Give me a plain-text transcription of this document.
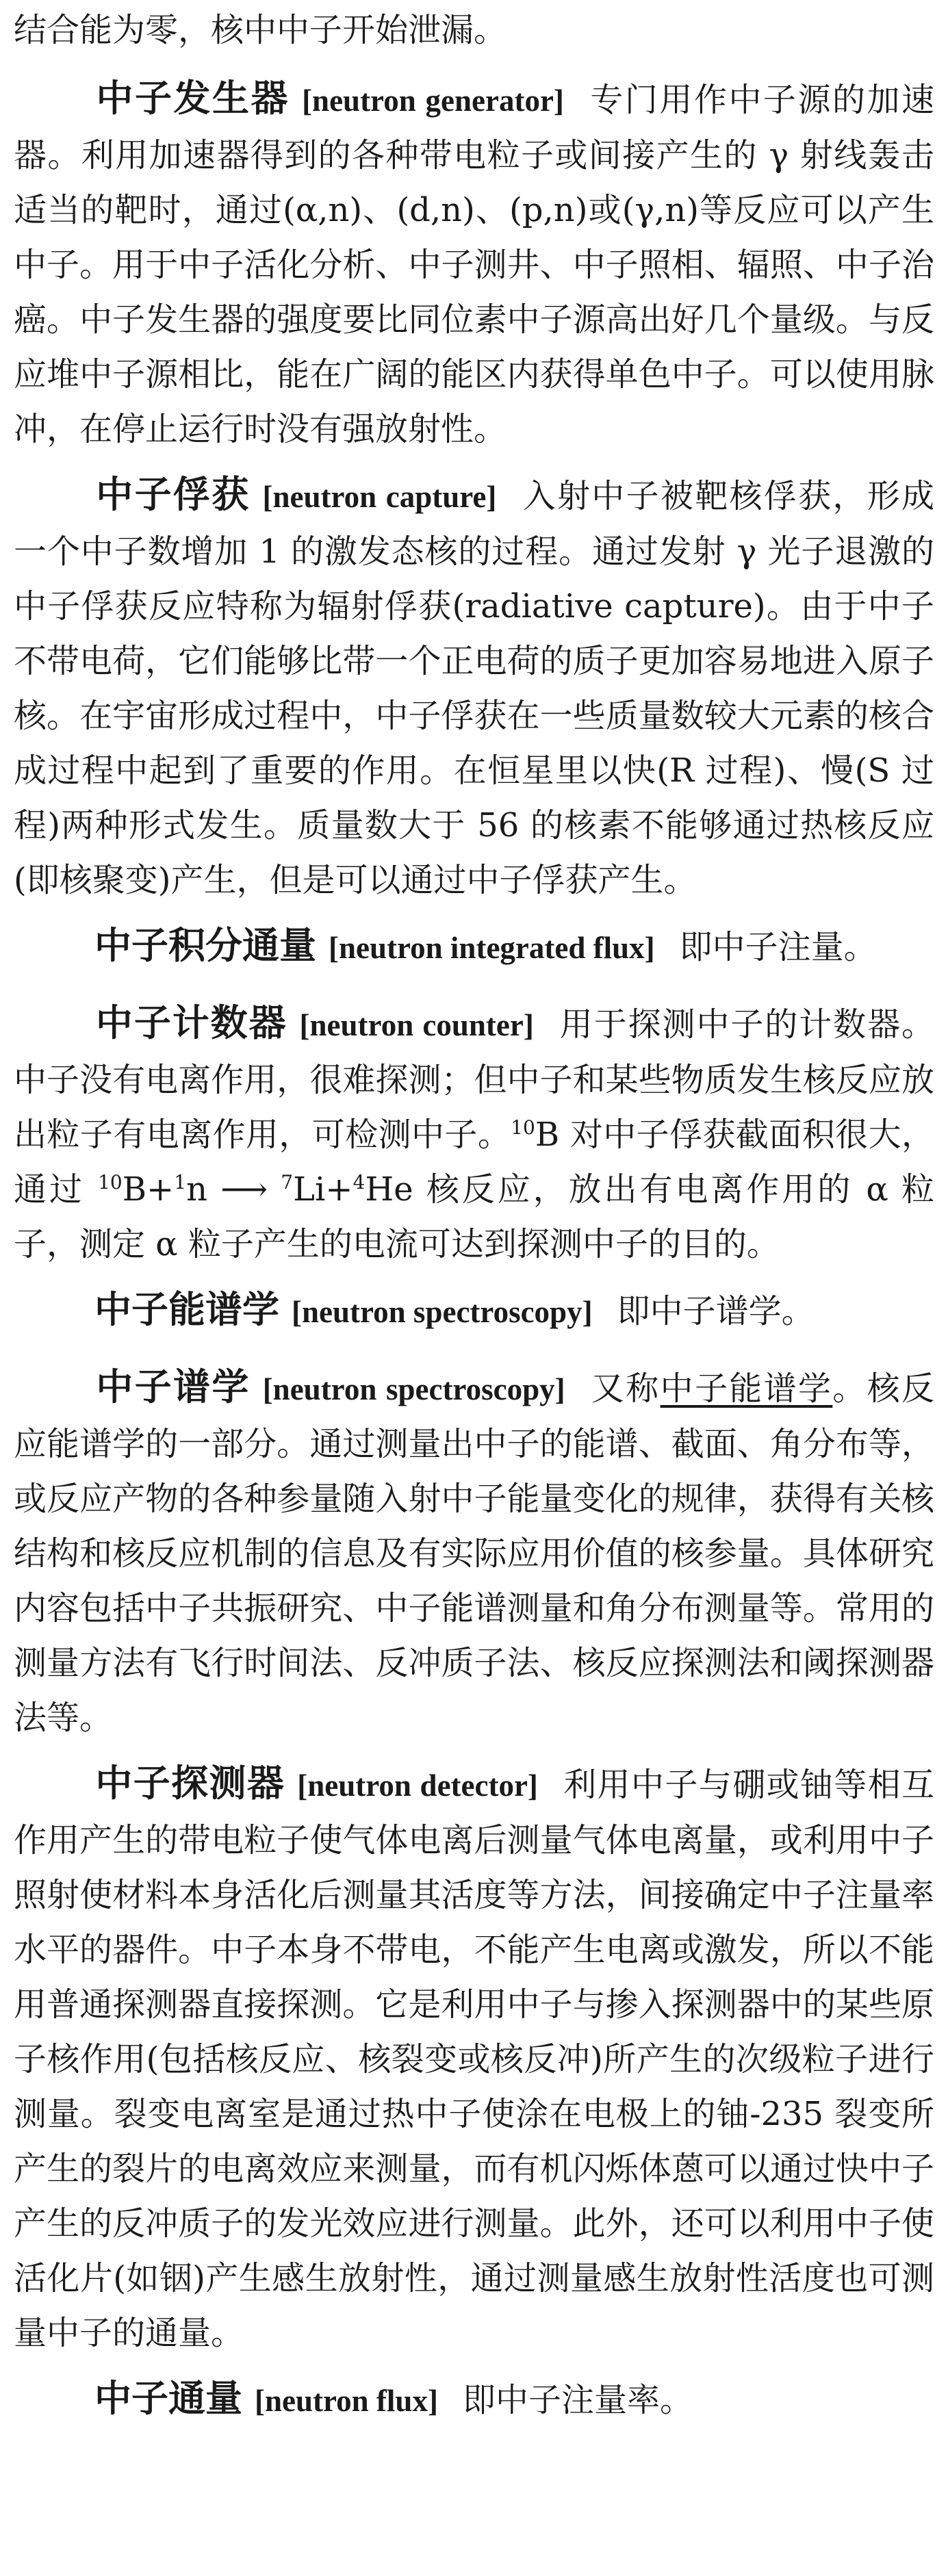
结合能为零，核中中子开始泄漏。

中子发生器 [neutron generator] 专门用作中子源的加速器。利用加速器得到的各种带电粒子或间接产生的 γ 射线轰击适当的靶时，通过(α,n)、(d,n)、(p,n)或(γ,n)等反应可以产生中子。用于中子活化分析、中子测井、中子照相、辐照、中子治癌。中子发生器的强度要比同位素中子源高出好几个量级。与反应堆中子源相比，能在广阔的能区内获得单色中子。可以使用脉冲，在停止运行时没有强放射性。

中子俘获 [neutron capture] 入射中子被靶核俘获，形成一个中子数增加 1 的激发态核的过程。通过发射 γ 光子退激的中子俘获反应特称为辐射俘获(radiative capture)。由于中子不带电荷，它们能够比带一个正电荷的质子更加容易地进入原子核。在宇宙形成过程中，中子俘获在一些质量数较大元素的核合成过程中起到了重要的作用。在恒星里以快(R 过程)、慢(S 过程)两种形式发生。质量数大于 56 的核素不能够通过热核反应(即核聚变)产生，但是可以通过中子俘获产生。

中子积分通量 [neutron integrated flux] 即中子注量。

中子计数器 [neutron counter] 用于探测中子的计数器。中子没有电离作用，很难探测；但中子和某些物质发生核反应放出粒子有电离作用，可检测中子。$^{10}$B 对中子俘获截面积很大，通过 $^{10}$B+$^1$n ⟶ $^7$Li+$^4$He 核反应，放出有电离作用的 α 粒子，测定 α 粒子产生的电流可达到探测中子的目的。

中子能谱学 [neutron spectroscopy] 即中子谱学。

中子谱学 [neutron spectroscopy] 又称中子能谱学。核反应能谱学的一部分。通过测量出中子的能谱、截面、角分布等，或反应产物的各种参量随入射中子能量变化的规律，获得有关核结构和核反应机制的信息及有实际应用价值的核参量。具体研究内容包括中子共振研究、中子能谱测量和角分布测量等。常用的测量方法有飞行时间法、反冲质子法、核反应探测法和阈探测器法等。

中子探测器 [neutron detector] 利用中子与硼或铀等相互作用产生的带电粒子使气体电离后测量气体电离量，或利用中子照射使材料本身活化后测量其活度等方法，间接确定中子注量率水平的器件。中子本身不带电，不能产生电离或激发，所以不能用普通探测器直接探测。它是利用中子与掺入探测器中的某些原子核作用(包括核反应、核裂变或核反冲)所产生的次级粒子进行测量。裂变电离室是通过热中子使涂在电极上的铀-235 裂变所产生的裂片的电离效应来测量，而有机闪烁体蒽可以通过快中子产生的反冲质子的发光效应进行测量。此外，还可以利用中子使活化片(如铟)产生感生放射性，通过测量感生放射性活度也可测量中子的通量。

中子通量 [neutron flux] 即中子注量率。
